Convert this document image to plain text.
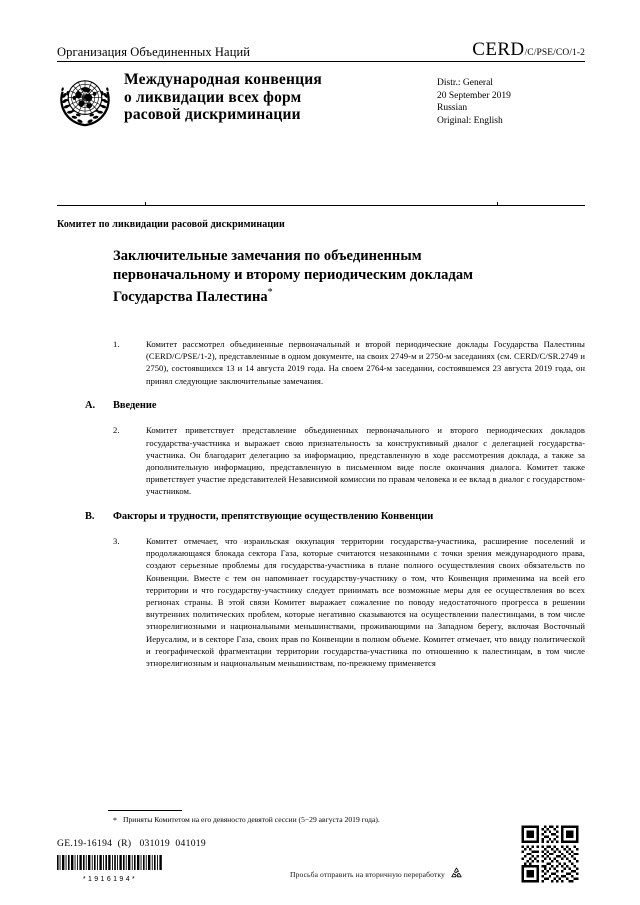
Организация Объединенных Наций	CERD /C/PSE/CO/1-2
Международная конвенция
о ликвидации всех форм
расовой дискриминации
Distr.: General
20 September 2019
Russian
Original: English
Комитет по ликвидации расовой дискриминации
Заключительные замечания по объединенным
первоначальному и второму периодическим докладам
Государства Палестина*

1.	Комитет рассмотрел объединенные первоначальный и второй периодические доклады Государства Палестины (CERD/C/PSE/1-2), представленные в одном документе, на своих 2749-м и 2750-м заседаниях (см. CERD/C/SR.2749 и 2750), состоявшихся 13 и 14 августа 2019 года. На своем 2764-м заседании, состоявшемся 23 августа 2019 года, он принял следующие заключительные замечания.

A. Введение

2.	Комитет приветствует представление объединенных первоначального и второго периодических докладов государства-участника и выражает свою признательность за конструктивный диалог с делегацией государства-участника. Он благодарит делегацию за информацию, представленную в ходе рассмотрения доклада, а также за дополнительную информацию, представленную в письменном виде после окончания диалога. Комитет также приветствует участие представителей Независимой комиссии по правам человека и ее вклад в диалог с государством-участником.

B. Факторы и трудности, препятствующие осуществлению Конвенции

3.	Комитет отмечает, что израильская оккупация территории государства-участника, расширение поселений и продолжающаяся блокада сектора Газа, которые считаются незаконными с точки зрения международного права, создают серьезные проблемы для государства-участника в плане полного осуществления своих обязательств по Конвенции. Вместе с тем он напоминает государству-участнику о том, что Конвенция применима на всей его территории и что государству-участнику следует принимать все возможные меры для ее осуществления во всех регионах страны. В этой связи Комитет выражает сожаление по поводу недостаточного прогресса в решении внутренних политических проблем, которые негативно сказываются на осуществлении палестинцами, в том числе этнорелигиозными и национальными меньшинствами, проживающими на Западном берегу, включая Восточный Иерусалим, и в секторе Газа, своих прав по Конвенции в полном объеме. Комитет отмечает, что ввиду политической и географической фрагментации территории государства-участника по отношению к палестинцам, в том числе этнорелигиозным и национальным меньшинствам, по-прежнему применяется

* Приняты Комитетом на его девяносто девятой сессии (5−29 августа 2019 года).
GE.19-16194  (R)   031019  041019
*1916194*
Просьба отправить на вторичную переработку
